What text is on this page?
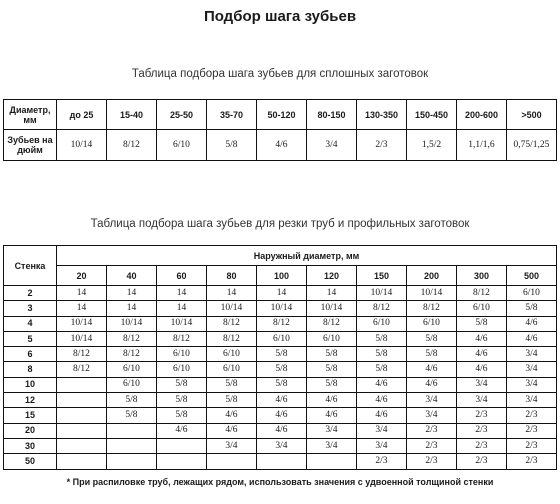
Подбор шага зубьев
Таблица подбора шага зубьев для сплошных заготовок
Диаметр, мм	до 25	15-40	25-50	35-70	50-120	80-150	130-350	150-450	200-600	>500
Зубьев на дюйм	10/14	8/12	6/10	5/8	4/6	3/4	2/3	1,5/2	1,1/1,6	0,75/1,25
Таблица подбора шага зубьев для резки труб и профильных заготовок
Стенка	Наружный диаметр, мм									
	20	40	60	80	100	120	150	200	300	500
2	14	14	14	14	14	14	10/14	10/14	8/12	6/10
3	14	14	14	10/14	10/14	10/14	8/12	8/12	6/10	5/8
4	10/14	10/14	10/14	8/12	8/12	8/12	6/10	6/10	5/8	4/6
5	10/14	8/12	8/12	8/12	6/10	6/10	5/8	5/8	4/6	4/6
6	8/12	8/12	6/10	6/10	5/8	5/8	5/8	5/8	4/6	3/4
8	8/12	6/10	6/10	6/10	5/8	5/8	5/8	4/6	4/6	3/4
10		6/10	5/8	5/8	5/8	5/8	4/6	4/6	3/4	3/4
12		5/8	5/8	5/8	4/6	4/6	4/6	3/4	3/4	3/4
15		5/8	5/8	4/6	4/6	4/6	4/6	3/4	2/3	2/3
20			4/6	4/6	4/6	3/4	3/4	2/3	2/3	2/3
30				3/4	3/4	3/4	3/4	2/3	2/3	2/3
50							2/3	2/3	2/3	2/3
* При распиловке труб, лежащих рядом, использовать значения с удвоенной толщиной стенки
